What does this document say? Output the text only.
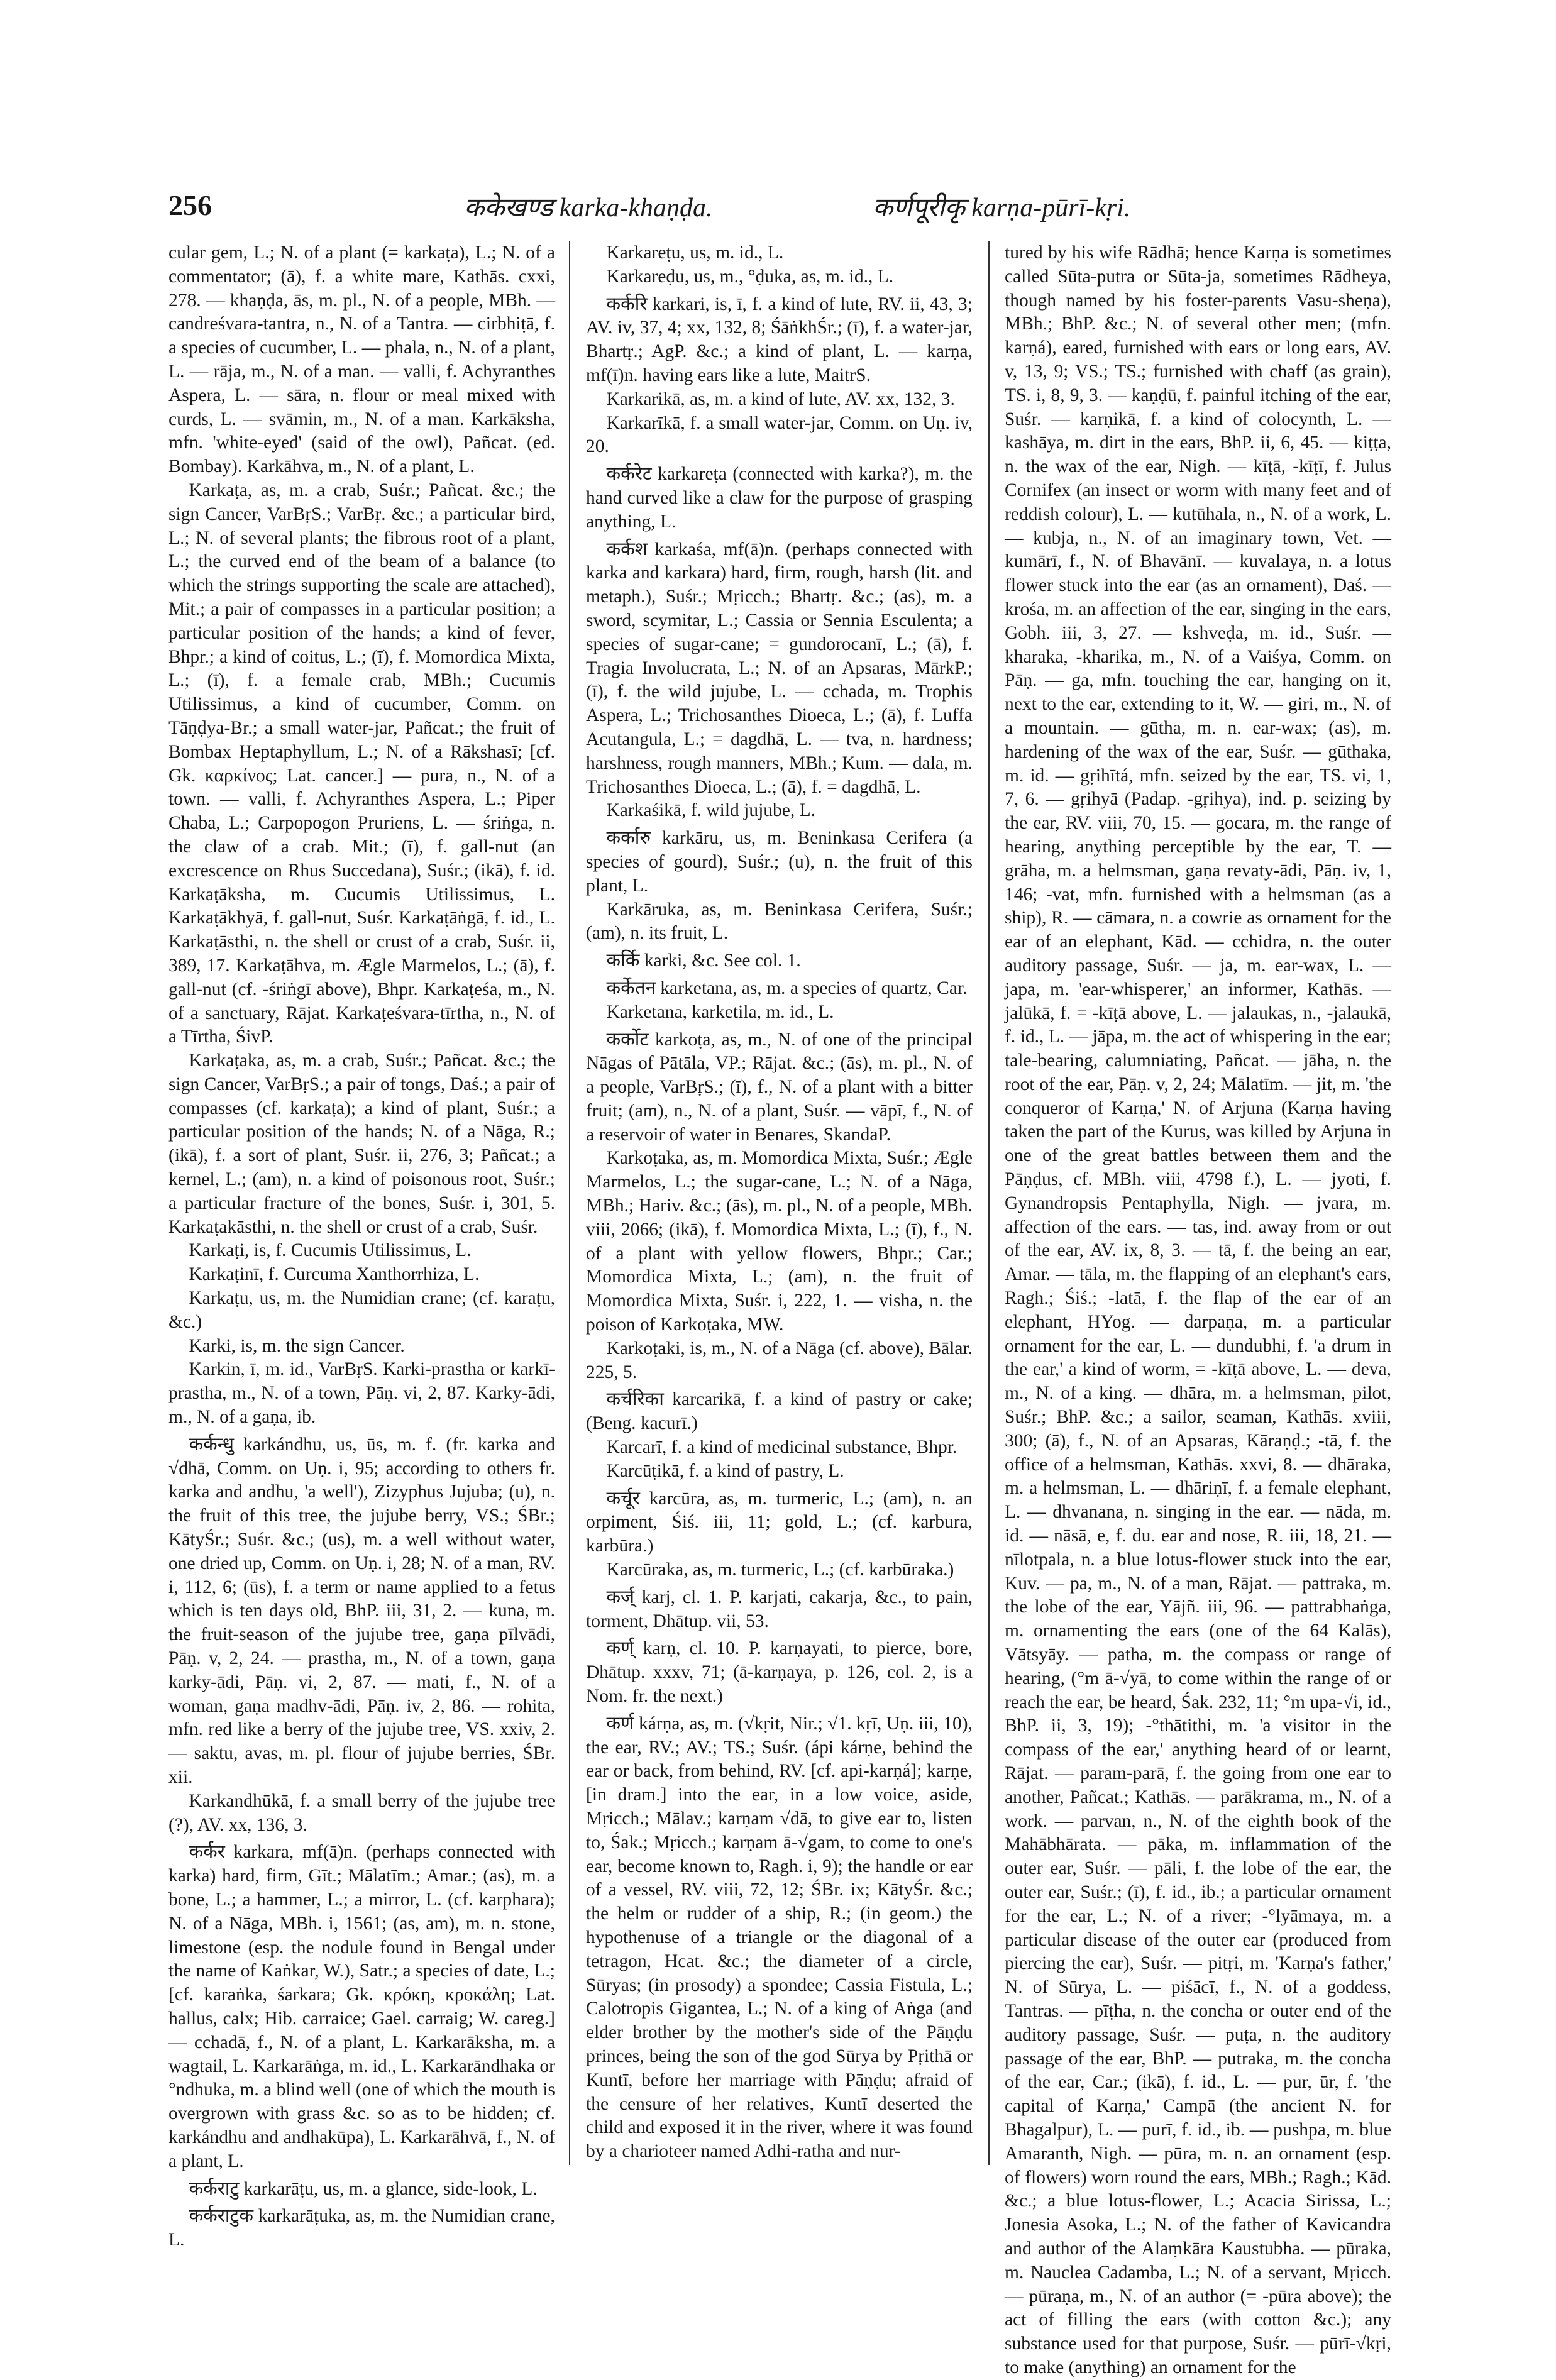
256	ककेखण्ड karka-khaṇḍa.	कर्णपूरीकृ karṇa-pūrī-kṛi.

cular gem, L.; N. of a plant (= karkaṭa), L.; N. of a commentator; (ā), f. a white mare, Kathās. cxxi, 278. — khaṇḍa, ās, m. pl., N. of a people, MBh. — candreśvara-tantra, n., N. of a Tantra. — cirbhiṭā, f. a species of cucumber, L. — phala, n., N. of a plant, L. — rāja, m., N. of a man. — valli, f. Achyranthes Aspera, L. — sāra, n. flour or meal mixed with curds, L. — svāmin, m., N. of a man. Karkāksha, mfn. 'white-eyed' (said of the owl), Pañcat. (ed. Bombay). Karkāhva, m., N. of a plant, L.

Karkaṭa, as, m. a crab, Suśr.; Pañcat. &c.; the sign Cancer, VarBṛS.; VarBṛ. &c.; a particular bird, L.; N. of several plants; the fibrous root of a plant, L.; the curved end of the beam of a balance (to which the strings supporting the scale are attached), Mit.; a pair of compasses in a particular position; a particular position of the hands; a kind of fever, Bhpr.; a kind of coitus, L.; (ī), f. Momordica Mixta, L.; (ī), f. a female crab, MBh.; Cucumis Utilissimus, a kind of cucumber, Comm. on Tāṇḍya-Br.; a small water-jar, Pañcat.; the fruit of Bombax Heptaphyllum, L.; N. of a Rākshasī; [cf. Gk. καρκίνος; Lat. cancer.] — pura, n., N. of a town. — valli, f. Achyranthes Aspera, L.; Piper Chaba, L.; Carpopogon Pruriens, L. — śriṅga, n. the claw of a crab. Mit.; (ī), f. gall-nut (an excrescence on Rhus Succedana), Suśr.; (ikā), f. id. Karkaṭāksha, m. Cucumis Utilissimus, L. Karkaṭākhyā, f. gall-nut, Suśr. Karkaṭāṅgā, f. id., L. Karkaṭāsthi, n. the shell or crust of a crab, Suśr. ii, 389, 17. Karkaṭāhva, m. Ægle Marmelos, L.; (ā), f. gall-nut (cf. -śriṅgī above), Bhpr. Karkaṭeśa, m., N. of a sanctuary, Rājat. Karkaṭeśvara-tīrtha, n., N. of a Tīrtha, ŚivP.

Karkaṭaka, as, m. a crab, Suśr.; Pañcat. &c.; the sign Cancer, VarBṛS.; a pair of tongs, Daś.; a pair of compasses (cf. karkaṭa); a kind of plant, Suśr.; a particular position of the hands; N. of a Nāga, R.; (ikā), f. a sort of plant, Suśr. ii, 276, 3; Pañcat.; a kernel, L.; (am), n. a kind of poisonous root, Suśr.; a particular fracture of the bones, Suśr. i, 301, 5. Karkaṭakāsthi, n. the shell or crust of a crab, Suśr.

Karkaṭi, is, f. Cucumis Utilissimus, L.

Karkaṭinī, f. Curcuma Xanthorrhiza, L.

Karkaṭu, us, m. the Numidian crane; (cf. karaṭu, &c.)

Karki, is, m. the sign Cancer.

Karkin, ī, m. id., VarBṛS. Karki-prastha or karkī-prastha, m., N. of a town, Pāṇ. vi, 2, 87. Karky-ādi, m., N. of a gaṇa, ib.

कर्कन्धु karkándhu, us, ūs, m. f. (fr. karka and √dhā, Comm. on Uṇ. i, 95; according to others fr. karka and andhu, 'a well'), Zizyphus Jujuba; (u), n. the fruit of this tree, the jujube berry, VS.; ŚBr.; KātyŚr.; Suśr. &c.; (us), m. a well without water, one dried up, Comm. on Uṇ. i, 28; N. of a man, RV. i, 112, 6; (ūs), f. a term or name applied to a fetus which is ten days old, BhP. iii, 31, 2. — kuna, m. the fruit-season of the jujube tree, gaṇa pīlvādi, Pāṇ. v, 2, 24. — prastha, m., N. of a town, gaṇa karky-ādi, Pāṇ. vi, 2, 87. — mati, f., N. of a woman, gaṇa madhv-ādi, Pāṇ. iv, 2, 86. — rohita, mfn. red like a berry of the jujube tree, VS. xxiv, 2. — saktu, avas, m. pl. flour of jujube berries, ŚBr. xii.

Karkandhūkā, f. a small berry of the jujube tree (?), AV. xx, 136, 3.

कर्कर karkara, mf(ā)n. (perhaps connected with karka) hard, firm, Gīt.; Mālatīm.; Amar.; (as), m. a bone, L.; a hammer, L.; a mirror, L. (cf. karphara); N. of a Nāga, MBh. i, 1561; (as, am), m. n. stone, limestone (esp. the nodule found in Bengal under the name of Kaṅkar, W.), Satr.; a species of date, L.; [cf. karaṅka, śarkara; Gk. κρόκη, κροκάλη; Lat. hallus, calx; Hib. carraice; Gael. carraig; W. careg.] — cchadā, f., N. of a plant, L. Karkarāksha, m. a wagtail, L. Karkarāṅga, m. id., L. Karkarāndhaka or °ndhuka, m. a blind well (one of which the mouth is overgrown with grass &c. so as to be hidden; cf. karkándhu and andhakūpa), L. Karkarāhvā, f., N. of a plant, L.

कर्कराटु karkarāṭu, us, m. a glance, side-look, L.

कर्कराटुक karkarāṭuka, as, m. the Numidian crane, L.

Karkareṭu, us, m. id., L.

Karkareḍu, us, m., °ḍuka, as, m. id., L.

कर्करि karkari, is, ī, f. a kind of lute, RV. ii, 43, 3; AV. iv, 37, 4; xx, 132, 8; ŚāṅkhŚr.; (ī), f. a water-jar, Bhartṛ.; AgP. &c.; a kind of plant, L. — karṇa, mf(ī)n. having ears like a lute, MaitrS.

Karkarikā, as, m. a kind of lute, AV. xx, 132, 3.

Karkarīkā, f. a small water-jar, Comm. on Uṇ. iv, 20.

कर्करेट karkareṭa (connected with karka?), m. the hand curved like a claw for the purpose of grasping anything, L.

कर्कश karkaśa, mf(ā)n. (perhaps connected with karka and karkara) hard, firm, rough, harsh (lit. and metaph.), Suśr.; Mṛicch.; Bhartṛ. &c.; (as), m. a sword, scymitar, L.; Cassia or Sennia Esculenta; a species of sugar-cane; = gundorocanī, L.; (ā), f. Tragia Involucrata, L.; N. of an Apsaras, MārkP.; (ī), f. the wild jujube, L. — cchada, m. Trophis Aspera, L.; Trichosanthes Dioeca, L.; (ā), f. Luffa Acutangula, L.; = dagdhā, L. — tva, n. hardness; harshness, rough manners, MBh.; Kum. — dala, m. Trichosanthes Dioeca, L.; (ā), f. = dagdhā, L.

Karkaśikā, f. wild jujube, L.

कर्कारु karkāru, us, m. Beninkasa Cerifera (a species of gourd), Suśr.; (u), n. the fruit of this plant, L.

Karkāruka, as, m. Beninkasa Cerifera, Suśr.; (am), n. its fruit, L.

कर्कि karki, &c. See col. 1.

कर्केतन karketana, as, m. a species of quartz, Car.

Karketana, karketila, m. id., L.

कर्कोट karkoṭa, as, m., N. of one of the principal Nāgas of Pātāla, VP.; Rājat. &c.; (ās), m. pl., N. of a people, VarBṛS.; (ī), f., N. of a plant with a bitter fruit; (am), n., N. of a plant, Suśr. — vāpī, f., N. of a reservoir of water in Benares, SkandaP.

Karkoṭaka, as, m. Momordica Mixta, Suśr.; Ægle Marmelos, L.; the sugar-cane, L.; N. of a Nāga, MBh.; Hariv. &c.; (ās), m. pl., N. of a people, MBh. viii, 2066; (ikā), f. Momordica Mixta, L.; (ī), f., N. of a plant with yellow flowers, Bhpr.; Car.; Momordica Mixta, L.; (am), n. the fruit of Momordica Mixta, Suśr. i, 222, 1. — visha, n. the poison of Karkoṭaka, MW.

Karkoṭaki, is, m., N. of a Nāga (cf. above), Bālar. 225, 5.

कर्चरिका karcarikā, f. a kind of pastry or cake; (Beng. kacurī.)

Karcarī, f. a kind of medicinal substance, Bhpr.

Karcūṭikā, f. a kind of pastry, L.

कर्चूर karcūra, as, m. turmeric, L.; (am), n. an orpiment, Śiś. iii, 11; gold, L.; (cf. karbura, karbūra.)

Karcūraka, as, m. turmeric, L.; (cf. karbūraka.)

कर्ज् karj, cl. 1. P. karjati, cakarja, &c., to pain, torment, Dhātup. vii, 53.

कर्ण् karṇ, cl. 10. P. karṇayati, to pierce, bore, Dhātup. xxxv, 71; (ā-karṇaya, p. 126, col. 2, is a Nom. fr. the next.)

कर्ण kárṇa, as, m. (√kṛit, Nir.; √1. kṛī, Uṇ. iii, 10), the ear, RV.; AV.; TS.; Suśr. (ápi kárṇe, behind the ear or back, from behind, RV. [cf. api-karṇá]; karṇe, [in dram.] into the ear, in a low voice, aside, Mṛicch.; Mālav.; karṇam √dā, to give ear to, listen to, Śak.; Mṛicch.; karṇam ā-√gam, to come to one's ear, become known to, Ragh. i, 9); the handle or ear of a vessel, RV. viii, 72, 12; ŚBr. ix; KātyŚr. &c.; the helm or rudder of a ship, R.; (in geom.) the hypothenuse of a triangle or the diagonal of a tetragon, Hcat. &c.; the diameter of a circle, Sūryas; (in prosody) a spondee; Cassia Fistula, L.; Calotropis Gigantea, L.; N. of a king of Aṅga (and elder brother by the mother's side of the Pāṇḍu princes, being the son of the god Sūrya by Pṛithā or Kuntī, before her marriage with Pāṇḍu; afraid of the censure of her relatives, Kuntī deserted the child and exposed it in the river, where it was found by a charioteer named Adhi-ratha and nur-

tured by his wife Rādhā; hence Karṇa is sometimes called Sūta-putra or Sūta-ja, sometimes Rādheya, though named by his foster-parents Vasu-sheṇa), MBh.; BhP. &c.; N. of several other men; (mfn. karṇá), eared, furnished with ears or long ears, AV. v, 13, 9; VS.; TS.; furnished with chaff (as grain), TS. i, 8, 9, 3. — kaṇḍū, f. painful itching of the ear, Suśr. — karṇikā, f. a kind of colocynth, L. — kashāya, m. dirt in the ears, BhP. ii, 6, 45. — kiṭṭa, n. the wax of the ear, Nigh. — kīṭā, -kīṭī, f. Julus Cornifex (an insect or worm with many feet and of reddish colour), L. — kutūhala, n., N. of a work, L. — kubja, n., N. of an imaginary town, Vet. — kumārī, f., N. of Bhavānī. — kuvalaya, n. a lotus flower stuck into the ear (as an ornament), Daś. — krośa, m. an affection of the ear, singing in the ears, Gobh. iii, 3, 27. — kshveḍa, m. id., Suśr. — kharaka, -kharika, m., N. of a Vaiśya, Comm. on Pāṇ. — ga, mfn. touching the ear, hanging on it, next to the ear, extending to it, W. — giri, m., N. of a mountain. — gūtha, m. n. ear-wax; (as), m. hardening of the wax of the ear, Suśr. — gūthaka, m. id. — gṛihītá, mfn. seized by the ear, TS. vi, 1, 7, 6. — gṛihyā (Padap. -gṛihya), ind. p. seizing by the ear, RV. viii, 70, 15. — gocara, m. the range of hearing, anything perceptible by the ear, T. — grāha, m. a helmsman, gaṇa revaty-ādi, Pāṇ. iv, 1, 146; -vat, mfn. furnished with a helmsman (as a ship), R. — cāmara, n. a cowrie as ornament for the ear of an elephant, Kād. — cchidra, n. the outer auditory passage, Suśr. — ja, m. ear-wax, L. — japa, m. 'ear-whisperer,' an informer, Kathās. — jalūkā, f. = -kīṭā above, L. — jalaukas, n., -jalaukā, f. id., L. — jāpa, m. the act of whispering in the ear; tale-bearing, calumniating, Pañcat. — jāha, n. the root of the ear, Pāṇ. v, 2, 24; Mālatīm. — jit, m. 'the conqueror of Karṇa,' N. of Arjuna (Karṇa having taken the part of the Kurus, was killed by Arjuna in one of the great battles between them and the Pāṇḍus, cf. MBh. viii, 4798 f.), L. — jyoti, f. Gynandropsis Pentaphylla, Nigh. — jvara, m. affection of the ears. — tas, ind. away from or out of the ear, AV. ix, 8, 3. — tā, f. the being an ear, Amar. — tāla, m. the flapping of an elephant's ears, Ragh.; Śiś.; -latā, f. the flap of the ear of an elephant, HYog. — darpaṇa, m. a particular ornament for the ear, L. — dundubhi, f. 'a drum in the ear,' a kind of worm, = -kīṭā above, L. — deva, m., N. of a king. — dhāra, m. a helmsman, pilot, Suśr.; BhP. &c.; a sailor, seaman, Kathās. xviii, 300; (ā), f., N. of an Apsaras, Kāraṇḍ.; -tā, f. the office of a helmsman, Kathās. xxvi, 8. — dhāraka, m. a helmsman, L. — dhāriṇī, f. a female elephant, L. — dhvanana, n. singing in the ear. — nāda, m. id. — nāsā, e, f. du. ear and nose, R. iii, 18, 21. — nīlotpala, n. a blue lotus-flower stuck into the ear, Kuv. — pa, m., N. of a man, Rājat. — pattraka, m. the lobe of the ear, Yājñ. iii, 96. — pattrabhaṅga, m. ornamenting the ears (one of the 64 Kalās), Vātsyāy. — patha, m. the compass or range of hearing, (°m ā-√yā, to come within the range of or reach the ear, be heard, Śak. 232, 11; °m upa-√i, id., BhP. ii, 3, 19); -°thātithi, m. 'a visitor in the compass of the ear,' anything heard of or learnt, Rājat. — param-parā, f. the going from one ear to another, Pañcat.; Kathās. — parākrama, m., N. of a work. — parvan, n., N. of the eighth book of the Mahābhārata. — pāka, m. inflammation of the outer ear, Suśr. — pāli, f. the lobe of the ear, the outer ear, Suśr.; (ī), f. id., ib.; a particular ornament for the ear, L.; N. of a river; -°lyāmaya, m. a particular disease of the outer ear (produced from piercing the ear), Suśr. — pitṛi, m. 'Karṇa's father,' N. of Sūrya, L. — piśācī, f., N. of a goddess, Tantras. — pīṭha, n. the concha or outer end of the auditory passage, Suśr. — puṭa, n. the auditory passage of the ear, BhP. — putraka, m. the concha of the ear, Car.; (ikā), f. id., L. — pur, ūr, f. 'the capital of Karṇa,' Campā (the ancient N. for Bhagalpur), L. — purī, f. id., ib. — pushpa, m. blue Amaranth, Nigh. — pūra, m. n. an ornament (esp. of flowers) worn round the ears, MBh.; Ragh.; Kād. &c.; a blue lotus-flower, L.; Acacia Sirissa, L.; Jonesia Asoka, L.; N. of the father of Kavicandra and author of the Alaṃkāra Kaustubha. — pūraka, m. Nauclea Cadamba, L.; N. of a servant, Mṛicch. — pūraṇa, m., N. of an author (= -pūra above); the act of filling the ears (with cotton &c.); any substance used for that purpose, Suśr. — pūrī-√kṛi, to make (anything) an ornament for the
